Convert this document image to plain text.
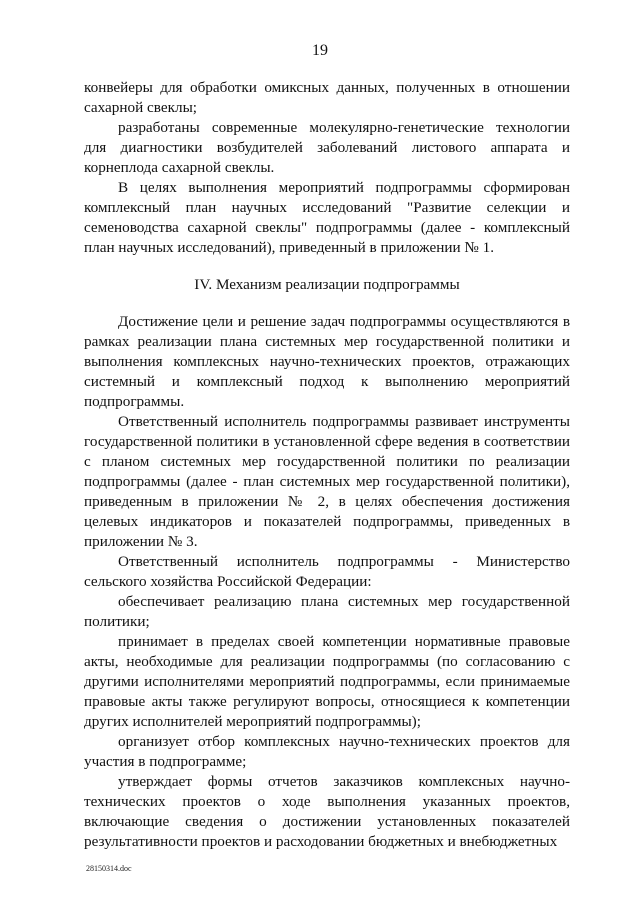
19

конвейеры для обработки омиксных данных, полученных в отношении сахарной свеклы;

разработаны современные молекулярно-генетические технологии для диагностики возбудителей заболеваний листового аппарата и корнеплода сахарной свеклы.

В целях выполнения мероприятий подпрограммы сформирован комплексный план научных исследований "Развитие селекции и семеноводства сахарной свеклы" подпрограммы (далее - комплексный план научных исследований), приведенный в приложении № 1.

IV. Механизм реализации подпрограммы

Достижение цели и решение задач подпрограммы осуществляются в рамках реализации плана системных мер государственной политики и выполнения комплексных научно-технических проектов, отражающих системный и комплексный подход к выполнению мероприятий подпрограммы.

Ответственный исполнитель подпрограммы развивает инструменты государственной политики в установленной сфере ведения в соответствии с планом системных мер государственной политики по реализации подпрограммы (далее - план системных мер государственной политики), приведенным в приложении № 2, в целях обеспечения достижения целевых индикаторов и показателей подпрограммы, приведенных в приложении № 3.

Ответственный исполнитель подпрограммы - Министерство сельского хозяйства Российской Федерации:

обеспечивает реализацию плана системных мер государственной политики;

принимает в пределах своей компетенции нормативные правовые акты, необходимые для реализации подпрограммы (по согласованию с другими исполнителями мероприятий подпрограммы, если принимаемые правовые акты также регулируют вопросы, относящиеся к компетенции других исполнителей мероприятий подпрограммы);

организует отбор комплексных научно-технических проектов для участия в подпрограмме;

утверждает формы отчетов заказчиков комплексных научно-технических проектов о ходе выполнения указанных проектов, включающие сведения о достижении установленных показателей результативности проектов и расходовании бюджетных и внебюджетных

28150314.doc
